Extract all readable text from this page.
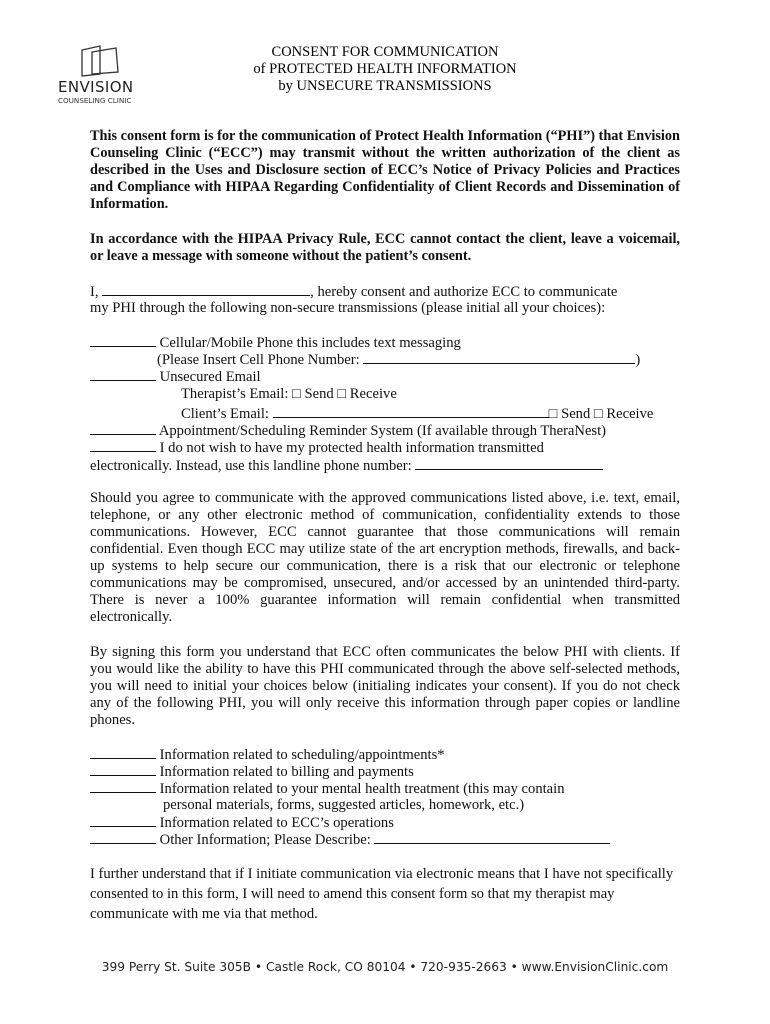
ENVISION
COUNSELING CLINIC
CONSENT FOR COMMUNICATION
of PROTECTED HEALTH INFORMATION
by UNSECURE TRANSMISSIONS
This consent form is for the communication of Protect Health Information (“PHI”) that Envision Counseling Clinic (“ECC”) may transmit without the written authorization of the client as described in the Uses and Disclosure section of ECC’s Notice of Privacy Policies and Practices and Compliance with HIPAA Regarding Confidentiality of Client Records and Dissemination of Information.
In accordance with the HIPAA Privacy Rule, ECC cannot contact the client, leave a voicemail, or leave a message with someone without the patient’s consent.
I,	, hereby consent and authorize ECC to communicate
my PHI through the following non-secure transmissions (please initial all your choices):
Cellular/Mobile Phone this includes text messaging
(Please Insert Cell Phone Number:	)
Unsecured Email
Therapist’s Email: □ Send □ Receive
Client’s Email:	□ Send □ Receive
Appointment/Scheduling Reminder System (If available through TheraNest)
I do not wish to have my protected health information transmitted
electronically. Instead, use this landline phone number:
Should you agree to communicate with the approved communications listed above, i.e. text, email, telephone, or any other electronic method of communication, confidentiality extends to those communications. However, ECC cannot guarantee that those communications will remain confidential. Even though ECC may utilize state of the art encryption methods, firewalls, and back-up systems to help secure our communication, there is a risk that our electronic or telephone communications may be compromised, unsecured, and/or accessed by an unintended third-party. There is never a 100% guarantee information will remain confidential when transmitted electronically.
By signing this form you understand that ECC often communicates the below PHI with clients. If you would like the ability to have this PHI communicated through the above self-selected methods, you will need to initial your choices below (initialing indicates your consent). If you do not check any of the following PHI, you will only receive this information through paper copies or landline phones.
Information related to scheduling/appointments*
Information related to billing and payments
Information related to your mental health treatment (this may contain
personal materials, forms, suggested articles, homework, etc.)
Information related to ECC’s operations
Other Information; Please Describe:
I further understand that if I initiate communication via electronic means that I have not specifically consented to in this form, I will need to amend this consent form so that my therapist may communicate with me via that method.
399 Perry St. Suite 305B • Castle Rock, CO 80104 • 720-935-2663 • www.EnvisionClinic.com
